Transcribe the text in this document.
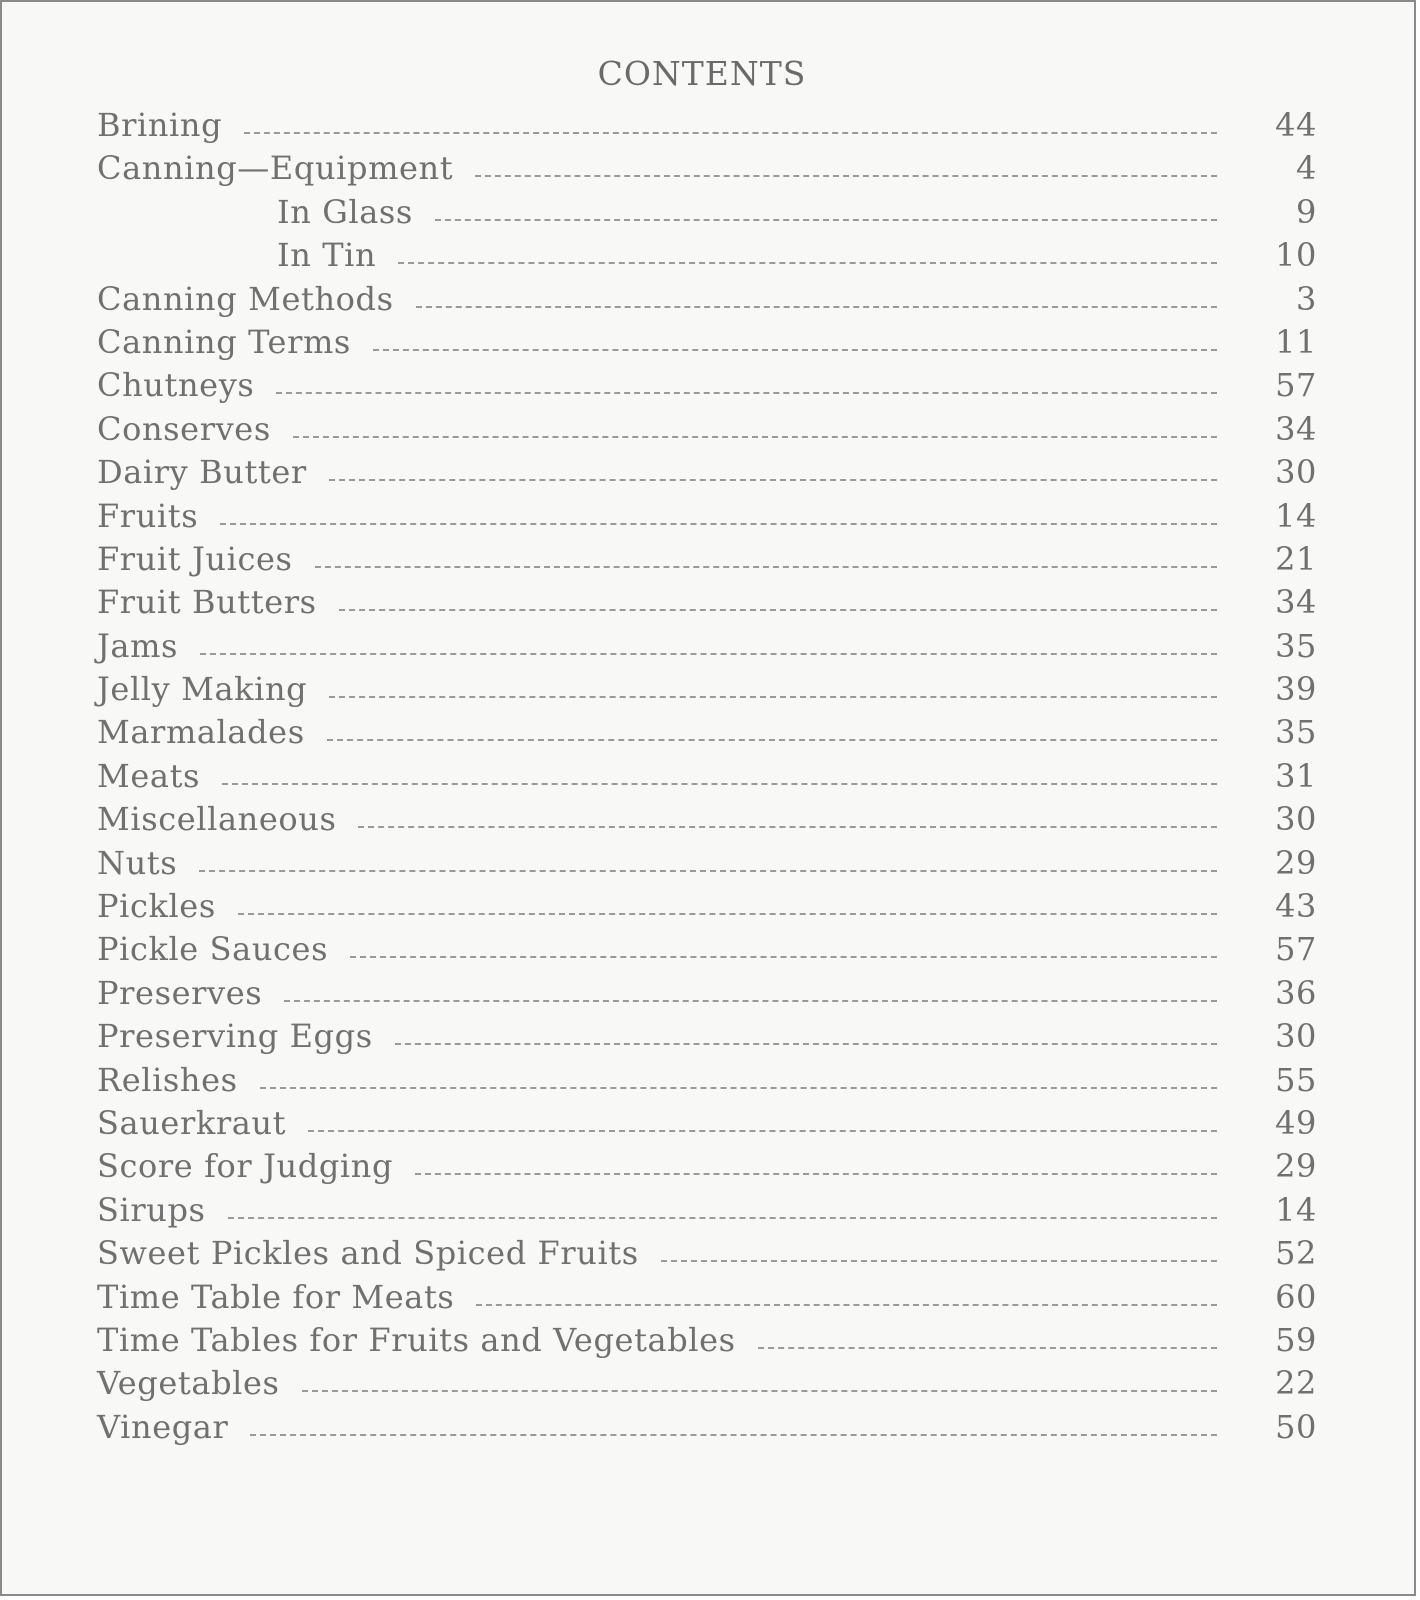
CONTENTS
Brining	44
Canning—Equipment	4
In Glass	9
In Tin	10
Canning Methods	3
Canning Terms	11
Chutneys	57
Conserves	34
Dairy Butter	30
Fruits	14
Fruit Juices	21
Fruit Butters	34
Jams	35
Jelly Making	39
Marmalades	35
Meats	31
Miscellaneous	30
Nuts	29
Pickles	43
Pickle Sauces	57
Preserves	36
Preserving Eggs	30
Relishes	55
Sauerkraut	49
Score for Judging	29
Sirups	14
Sweet Pickles and Spiced Fruits	52
Time Table for Meats	60
Time Tables for Fruits and Vegetables	59
Vegetables	22
Vinegar	50
